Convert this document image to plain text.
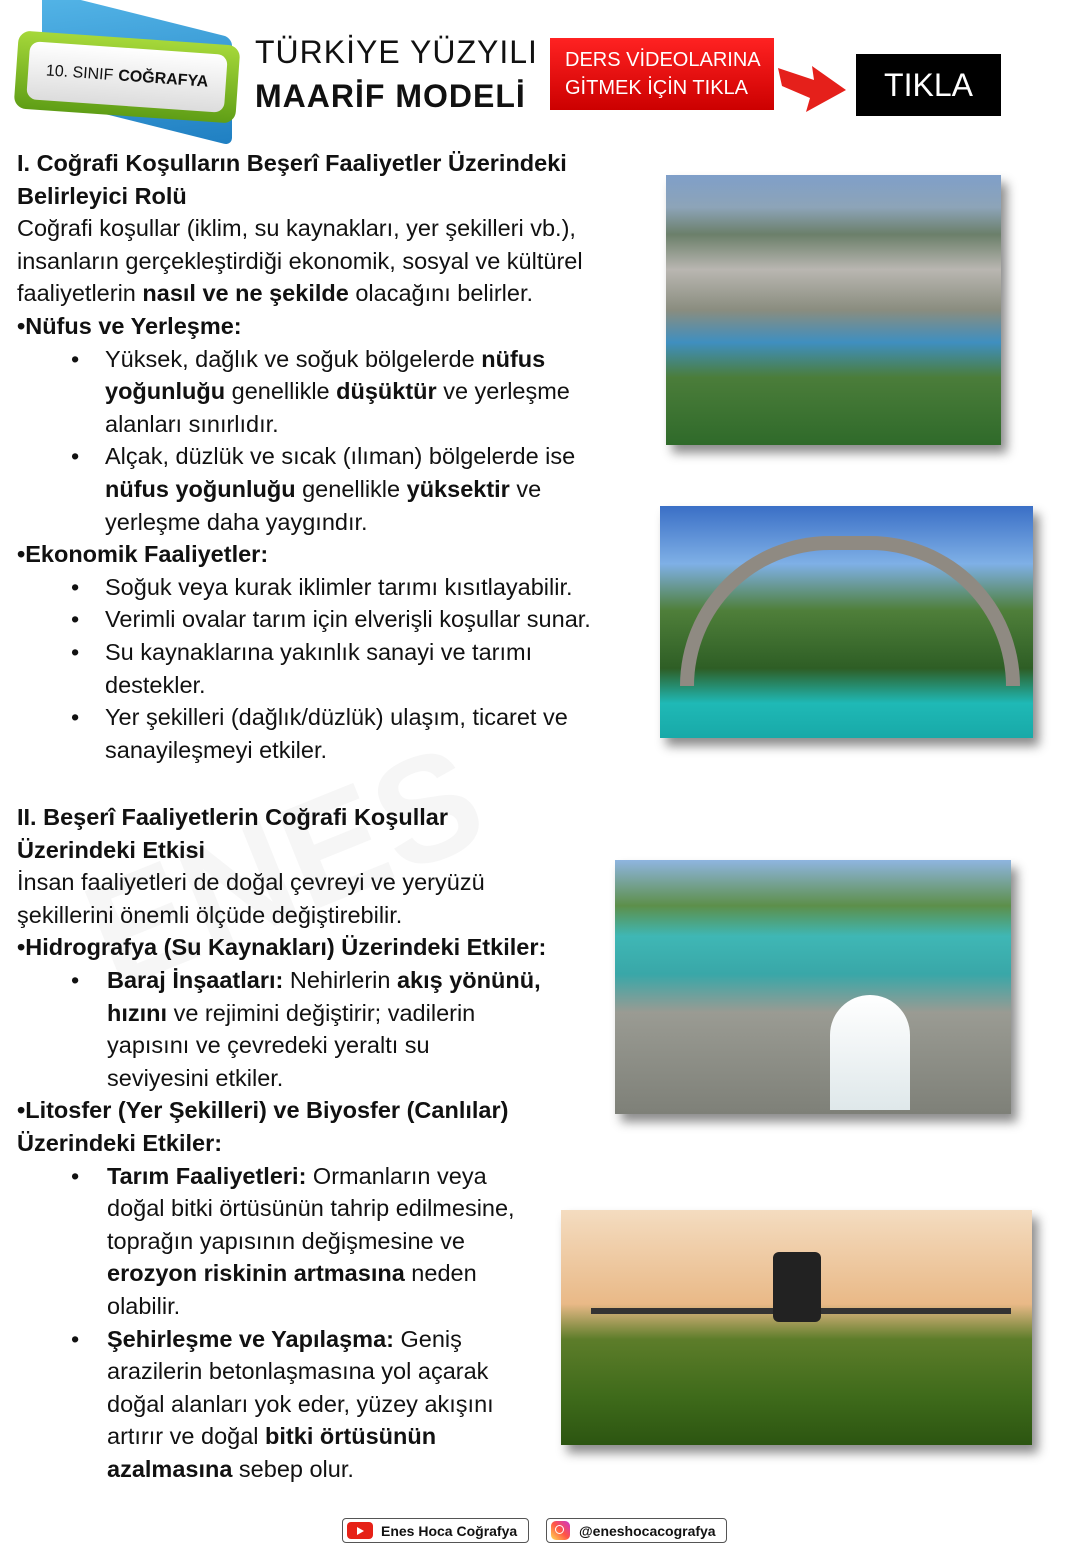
10. SINIF COĞRAFYA
TÜRKİYE YÜZYILI
MAARİF MODELİ
DERS VİDEOLARINA
GİTMEK İÇİN TIKLA	TIKLA
I. Coğrafi Koşulların Beşerî Faaliyetler Üzerindeki
Belirleyici Rolü
Coğrafi koşullar (iklim, su kaynakları, yer şekilleri vb.),
insanların gerçekleştirdiği ekonomik, sosyal ve kültürel
faaliyetlerin nasıl ve ne şekilde olacağını belirler.
•Nüfus ve Yerleşme:
• Yüksek, dağlık ve soğuk bölgelerde nüfus
yoğunluğu genellikle düşüktür ve yerleşme
alanları sınırlıdır.
• Alçak, düzlük ve sıcak (ılıman) bölgelerde ise
nüfus yoğunluğu genellikle yüksektir ve
yerleşme daha yaygındır.
•Ekonomik Faaliyetler:
• Soğuk veya kurak iklimler tarımı kısıtlayabilir.
• Verimli ovalar tarım için elverişli koşullar sunar.
• Su kaynaklarına yakınlık sanayi ve tarımı
destekler.
• Yer şekilleri (dağlık/düzlük) ulaşım, ticaret ve
sanayileşmeyi etkiler.
II. Beşerî Faaliyetlerin Coğrafi Koşullar
Üzerindeki Etkisi
İnsan faaliyetleri de doğal çevreyi ve yeryüzü
şekillerini önemli ölçüde değiştirebilir.
•Hidrografya (Su Kaynakları) Üzerindeki Etkiler:
• Baraj İnşaatları: Nehirlerin akış yönünü,
hızını ve rejimini değiştirir; vadilerin
yapısını ve çevredeki yeraltı su
seviyesini etkiler.
•Litosfer (Yer Şekilleri) ve Biyosfer (Canlılar)
Üzerindeki Etkiler:
• Tarım Faaliyetleri: Ormanların veya
doğal bitki örtüsünün tahrip edilmesine,
toprağın yapısının değişmesine ve
erozyon riskinin artmasına neden
olabilir.
• Şehirleşme ve Yapılaşma: Geniş
arazilerin betonlaşmasına yol açarak
doğal alanları yok eder, yüzey akışını
artırır ve doğal bitki örtüsünün
azalmasına sebep olur.
Enes Hoca Coğrafya	@eneshocacografya
